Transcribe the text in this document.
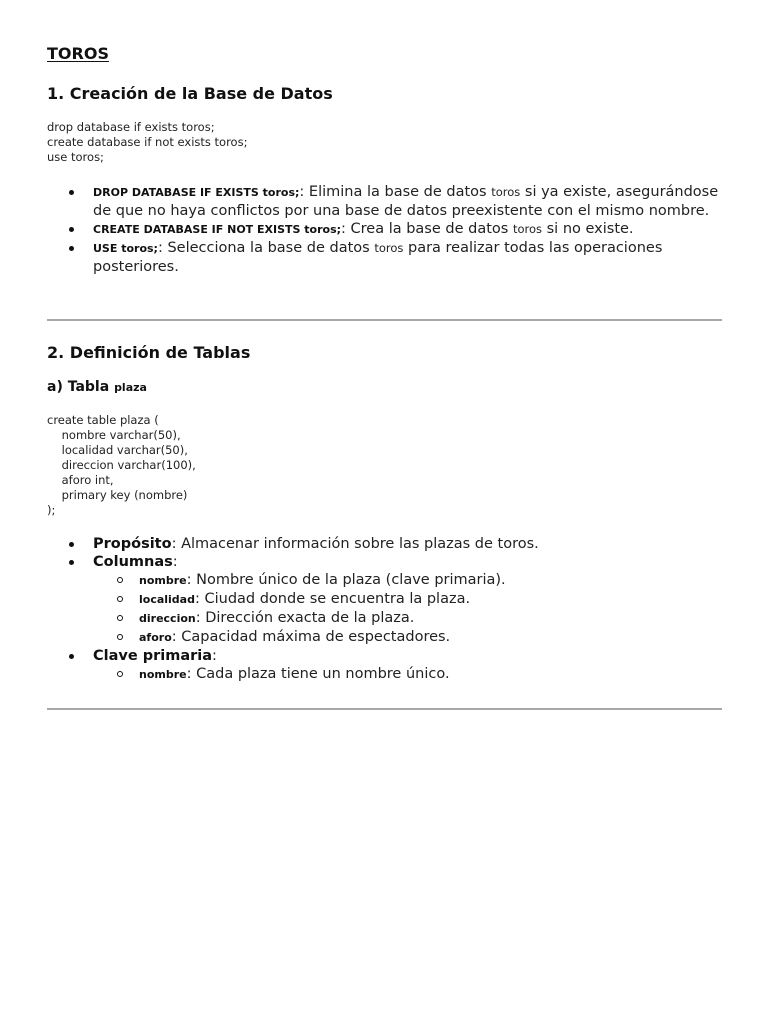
TOROS
1. Creación de la Base de Datos
drop database if exists toros;
create database if not exists toros;
use toros;
DROP DATABASE IF EXISTS toros;: Elimina la base de datos toros si ya existe, asegurándose de que no haya conflictos por una base de datos preexistente con el mismo nombre.
CREATE DATABASE IF NOT EXISTS toros;: Crea la base de datos toros si no existe.
USE toros;: Selecciona la base de datos toros para realizar todas las operaciones posteriores.
2. Definición de Tablas
a) Tabla plaza
create table plaza (
nombre varchar(50),
localidad varchar(50),
direccion varchar(100),
aforo int,
primary key (nombre)
);
Propósito: Almacenar información sobre las plazas de toros.
Columnas:
nombre: Nombre único de la plaza (clave primaria).
localidad: Ciudad donde se encuentra la plaza.
direccion: Dirección exacta de la plaza.
aforo: Capacidad máxima de espectadores.
Clave primaria:
nombre: Cada plaza tiene un nombre único.
